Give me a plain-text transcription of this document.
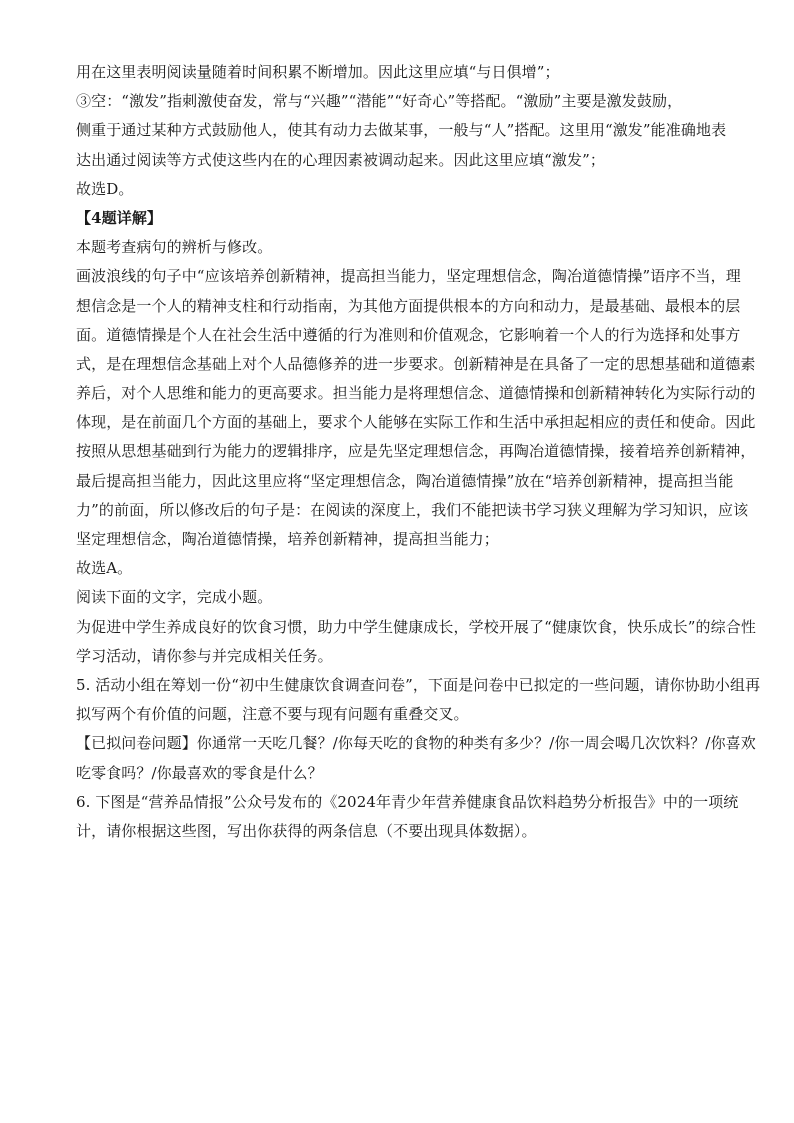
用在这里表明阅读量随着时间积累不断增加。因此这里应填“与日俱增”；
③空：“激发”指刺激使奋发，常与“兴趣”“潜能”“好奇心”等搭配。“激励”主要是激发鼓励，
侧重于通过某种方式鼓励他人，使其有动力去做某事，一般与“人”搭配。这里用“激发”能准确地表
达出通过阅读等方式使这些内在的心理因素被调动起来。因此这里应填“激发”；
故选D。
【4题详解】
本题考查病句的辨析与修改。
画波浪线的句子中“应该培养创新精神，提高担当能力，坚定理想信念，陶冶道德情操”语序不当，理
想信念是一个人的精神支柱和行动指南，为其他方面提供根本的方向和动力，是最基础、最根本的层
面。道德情操是个人在社会生活中遵循的行为准则和价值观念，它影响着一个人的行为选择和处事方
式，是在理想信念基础上对个人品德修养的进一步要求。创新精神是在具备了一定的思想基础和道德素
养后，对个人思维和能力的更高要求。担当能力是将理想信念、道德情操和创新精神转化为实际行动的
体现，是在前面几个方面的基础上，要求个人能够在实际工作和生活中承担起相应的责任和使命。因此
按照从思想基础到行为能力的逻辑排序，应是先坚定理想信念，再陶冶道德情操，接着培养创新精神，
最后提高担当能力，因此这里应将“坚定理想信念，陶冶道德情操”放在“培养创新精神，提高担当能
力”的前面，所以修改后的句子是：在阅读的深度上，我们不能把读书学习狭义理解为学习知识，应该
坚定理想信念，陶冶道德情操，培养创新精神，提高担当能力；
故选A。
阅读下面的文字，完成小题。
为促进中学生养成良好的饮食习惯，助力中学生健康成长，学校开展了“健康饮食，快乐成长”的综合性
学习活动，请你参与并完成相关任务。
5. 活动小组在筹划一份“初中生健康饮食调查问卷”，下面是问卷中已拟定的一些问题，请你协助小组再
拟写两个有价值的问题，注意不要与现有问题有重叠交叉。
【已拟问卷问题】你通常一天吃几餐？/你每天吃的食物的种类有多少？/你一周会喝几次饮料？/你喜欢
吃零食吗？/你最喜欢的零食是什么？
6. 下图是“营养品情报”公众号发布的《2024年青少年营养健康食品饮料趋势分析报告》中的一项统
计，请你根据这些图，写出你获得的两条信息（不要出现具体数据）。
